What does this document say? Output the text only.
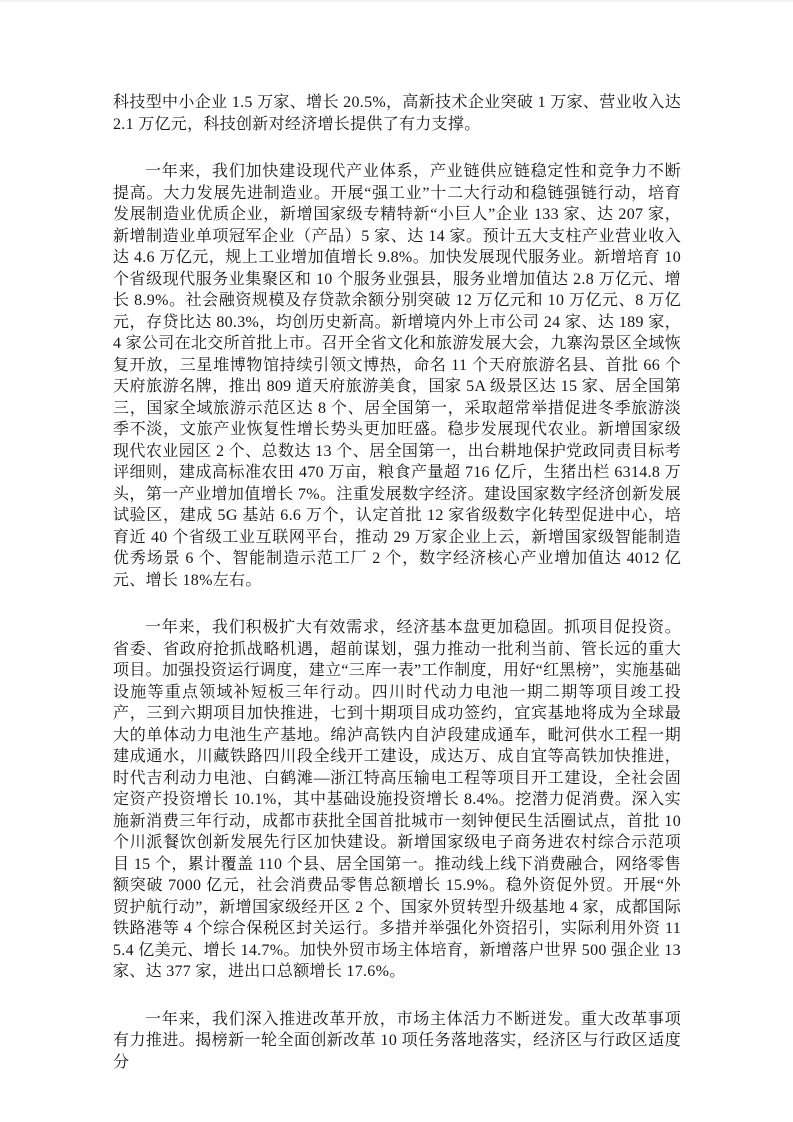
科技型中小企业 1.5 万家、增长 20.5%，高新技术企业突破 1 万家、营业收入达 2.1 万亿元，科技创新对经济增长提供了有力支撑。

一年来，我们加快建设现代产业体系，产业链供应链稳定性和竞争力不断提高。大力发展先进制造业。开展“强工业”十二大行动和稳链强链行动，培育发展制造业优质企业，新增国家级专精特新“小巨人”企业 133 家、达 207 家，新增制造业单项冠军企业（产品）5 家、达 14 家。预计五大支柱产业营业收入达 4.6 万亿元，规上工业增加值增长 9.8%。加快发展现代服务业。新增培育 10 个省级现代服务业集聚区和 10 个服务业强县，服务业增加值达 2.8 万亿元、增长 8.9%。社会融资规模及存贷款余额分别突破 12 万亿元和 10 万亿元、8 万亿元，存贷比达 80.3%，均创历史新高。新增境内外上市公司 24 家、达 189 家，4 家公司在北交所首批上市。召开全省文化和旅游发展大会，九寨沟景区全域恢复开放，三星堆博物馆持续引领文博热，命名 11 个天府旅游名县、首批 66 个天府旅游名牌，推出 809 道天府旅游美食，国家 5A 级景区达 15 家、居全国第三，国家全域旅游示范区达 8 个、居全国第一，采取超常举措促进冬季旅游淡季不淡，文旅产业恢复性增长势头更加旺盛。稳步发展现代农业。新增国家级现代农业园区 2 个、总数达 13 个、居全国第一，出台耕地保护党政同责目标考评细则，建成高标准农田 470 万亩，粮食产量超 716 亿斤，生猪出栏 6314.8 万头，第一产业增加值增长 7%。注重发展数字经济。建设国家数字经济创新发展试验区，建成 5G 基站 6.6 万个，认定首批 12 家省级数字化转型促进中心，培育近 40 个省级工业互联网平台，推动 29 万家企业上云，新增国家级智能制造优秀场景 6 个、智能制造示范工厂 2 个，数字经济核心产业增加值达 4012 亿元、增长 18%左右。

一年来，我们积极扩大有效需求，经济基本盘更加稳固。抓项目促投资。省委、省政府抢抓战略机遇，超前谋划，强力推动一批利当前、管长远的重大项目。加强投资运行调度，建立“三库一表”工作制度，用好“红黑榜”，实施基础设施等重点领域补短板三年行动。四川时代动力电池一期二期等项目竣工投产，三到六期项目加快推进，七到十期项目成功签约，宜宾基地将成为全球最大的单体动力电池生产基地。绵泸高铁内自泸段建成通车，毗河供水工程一期建成通水，川藏铁路四川段全线开工建设，成达万、成自宜等高铁加快推进，时代吉利动力电池、白鹤滩—浙江特高压输电工程等项目开工建设，全社会固定资产投资增长 10.1%，其中基础设施投资增长 8.4%。挖潜力促消费。深入实施新消费三年行动，成都市获批全国首批城市一刻钟便民生活圈试点，首批 10 个川派餐饮创新发展先行区加快建设。新增国家级电子商务进农村综合示范项目 15 个，累计覆盖 110 个县、居全国第一。推动线上线下消费融合，网络零售额突破 7000 亿元，社会消费品零售总额增长 15.9%。稳外资促外贸。开展“外贸护航行动”，新增国家级经开区 2 个、国家外贸转型升级基地 4 家，成都国际铁路港等 4 个综合保税区封关运行。多措并举强化外资招引，实际利用外资 115.4 亿美元、增长 14.7%。加快外贸市场主体培育，新增落户世界 500 强企业 13 家、达 377 家，进出口总额增长 17.6%。

一年来，我们深入推进改革开放，市场主体活力不断迸发。重大改革事项有力推进。揭榜新一轮全面创新改革 10 项任务落地落实，经济区与行政区适度分
